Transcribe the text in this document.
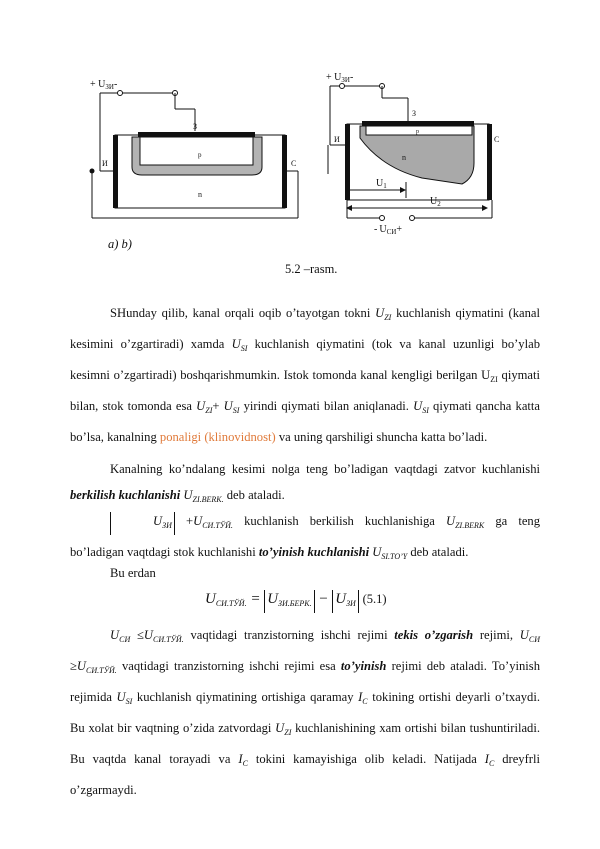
+ $U_{ЗИ}-$
З
p
n
И	С
+ $U_{ЗИ}-$
З
p
n
И	С
$U_1$
$U_2$
- $U_{СИ}+$
a) b)
5.2 –rasm.
SHunday qilib, kanal orqali oqib o’tayotgan tokni $U_{ZI}$ kuchlanish qiymatini (kanal kesimini o’zgartiradi) xamda $U_{SI}$ kuchlanish qiymatini (tok va kanal uzunligi bo’ylab kesimni o’zgartiradi) boshqarishmumkin. Istok tomonda kanal kengligi berilgan $U_{ZI}$ qiymati bilan, stok tomonda esa $U_{ZI}+ U_{SI}$ yirindi qiymati bilan aniqlanadi. $U_{SI}$ qiymati qancha katta bo’lsa, kanalning ponaligi (klinovidnost) va uning qarshiligi shuncha katta bo’ladi.
Kanalning ko’ndalang kesimi nolga teng bo’ladigan vaqtdagi zatvor kuchlanishi berkilish kuchlanishi $U_{ZI.BERK.}$ deb ataladi.
$U_{ЗИ} +U_{СИ.ТЎЙ.}$ kuchlanish berkilish kuchlanishiga $U_{ZI.BERK}$ ga teng bo’ladigan vaqtdagi stok kuchlanishi to’yinish kuchlanishi $U_{SI.TO’Y}$ deb ataladi.
Bu erdan
$U_{СИ.ТЎЙ.} = U_{ЗИ.БЕРК.} - U_{ЗИ}$ (5.1)
$U_{СИ} \le U_{СИ.ТЎЙ.}$ vaqtidagi tranzistorning ishchi rejimi tekis o’zgarish rejimi, $U_{СИ} \ge U_{СИ.ТЎЙ.}$ vaqtidagi tranzistorning ishchi rejimi esa to’yinish rejimi deb ataladi. To’yinish rejimida $U_{SI}$ kuchlanish qiymatining ortishiga qaramay $I_C$ tokining ortishi deyarli o’txaydi. Bu xolat bir vaqtning o’zida zatvordagi $U_{ZI}$ kuchlanishining xam ortishi bilan tushuntiriladi. Bu vaqtda kanal torayadi va $I_C$ tokini kamayishiga olib keladi. Natijada $I_C$ dreyfrli o’zgarmaydi.
